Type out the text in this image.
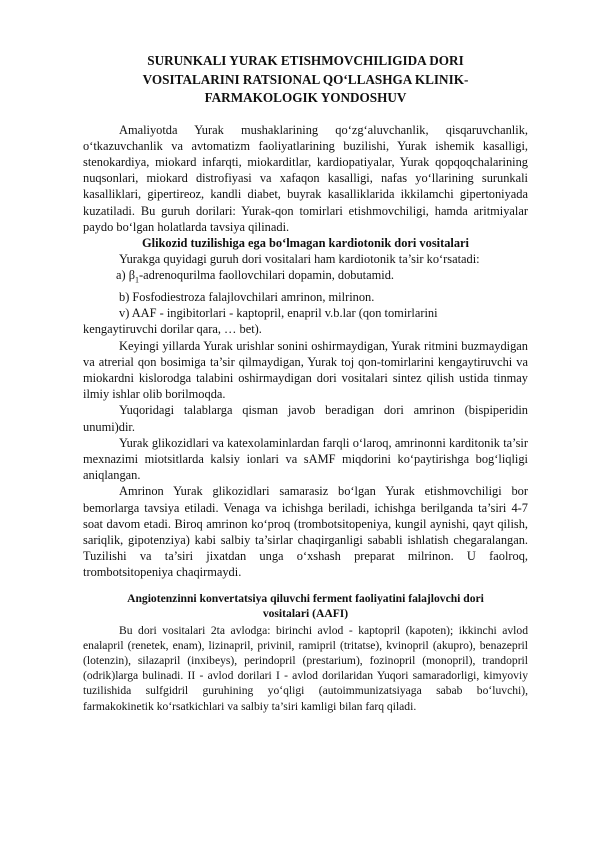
SURUNKALI YURAK ETISHMOVCHILIGIDA DORI
VOSITALARINI RATSIONAL QO‘LLASHGA KLINIK-
FARMAKOLOGIK YONDOSHUV

Amaliyotda Yurak mushaklarining qo‘zg‘aluvchanlik, qisqaruvchanlik, o‘tkazuvchanlik va avtomatizm faoliyatlarining buzilishi, Yurak ishemik kasalligi, stenokardiya, miokard infarqti, miokarditlar, kardiopatiyalar, Yurak qopqoqchalarining nuqsonlari, miokard distrofiyasi va xafaqon kasalligi, nafas yo‘llarining surunkali kasalliklari, gipertireoz, kandli diabet, buyrak kasalliklarida ikkilamchi gipertoniyada kuzatiladi. Bu guruh dorilari: Yurak-qon tomirlari etishmovchiligi, hamda aritmiyalar paydo bo‘lgan holatlarda tavsiya qilinadi.

Glikozid tuzilishiga ega bo‘lmagan kardiotonik dori vositalari

Yurakga quyidagi guruh dori vositalari ham kardiotonik ta’sir ko‘rsatadi:

a) $\beta_1$-adrenoqurilma faollovchilari dopamin, dobutamid.

b) Fosfodiestroza falajlovchilari amrinon, milrinon.

v) AAF - ingibitorlari - kaptopril, enapril v.b.lar (qon tomirlarini

kengaytiruvchi dorilar qara, … bet).

Keyingi yillarda Yurak urishlar sonini oshirmaydigan, Yurak ritmini buzmaydigan va atrerial qon bosimiga ta’sir qilmaydigan, Yurak toj qon-tomirlarini kengaytiruvchi va miokardni kislorodga talabini oshirmaydigan dori vositalari sintez qilish ustida tinmay ilmiy ishlar olib borilmoqda.

Yuqoridagi talablarga qisman javob beradigan dori amrinon (bispiperidin unumi)dir.

Yurak glikozidlari va katexolaminlardan farqli o‘laroq, amrinonni karditonik ta’sir mexnazimi miotsitlarda kalsiy ionlari va sAMF miqdorini ko‘paytirishga bog‘liqligi aniqlangan.

Amrinon Yurak glikozidlari samarasiz bo‘lgan Yurak etishmovchiligi bor bemorlarga tavsiya etiladi. Venaga va ichishga beriladi, ichishga berilganda ta’siri 4-7 soat davom etadi. Biroq amrinon ko‘proq (trombotsitopeniya, kungil aynishi, qayt qilish, sariqlik, gipotenziya) kabi salbiy ta’sirlar chaqirganligi sababli ishlatish chegaralangan. Tuzilishi va ta’siri jixatdan unga o‘xshash preparat milrinon. U faolroq, trombotsitopeniya chaqirmaydi.

Angiotenzinni konvertatsiya qiluvchi ferment faoliyatini falajlovchi dori
vositalari (AAFI)

Bu dori vositalari 2ta avlodga: birinchi avlod - kaptopril (kapoten); ikkinchi avlod enalapril (renetek, enam), lizinapril, privinil, ramipril (tritatse), kvinopril (akupro), benazepril (lotenzin), silazapril (inxibeys), perindopril (prestarium), fozinopril (monopril), trandopril (odrik)larga bulinadi. II - avlod dorilari I - avlod dorilaridan Yuqori samaradorligi, kimyoviy tuzilishida sulfgidril guruhining yo‘qligi (autoimmunizatsiyaga sabab bo‘luvchi), farmakokinetik ko‘rsatkichlari va salbiy ta’siri kamligi bilan farq qiladi.
